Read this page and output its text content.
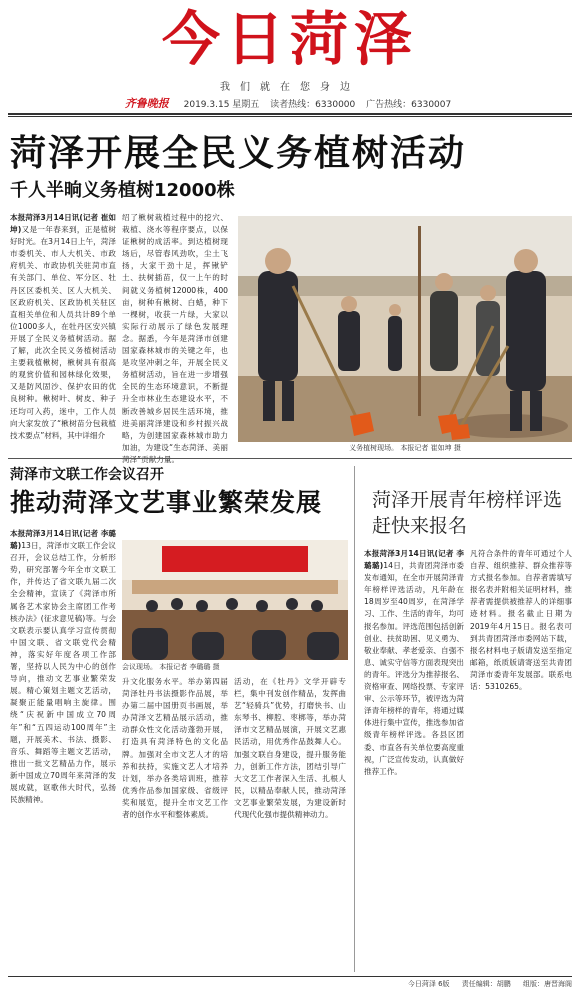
今日菏泽
我们就在您身边
齐鲁晚报 2019.3.15 星期五 读者热线：6330000 广告热线：6330007
菏泽开展全民义务植树活动
千人半晌义务植树12000株
本报菏泽3月14日讯(记者 崔如坤)又是一年春来到，正是植树好时光。在3月14日上午，菏泽市委机关、市人大机关、市政府机关、市政协机关驻菏市直有关部门、单位、军分区、牡丹区区委机关、区人大机关、区政府机关、区政协机关驻区直相关单位和人员共计89个单位1000多人，在牡丹区安兴镇开展了全民义务植树活动。据了解，此次全民义务植树活动主要栽植楸树，楸树具有很高的观赏价值和园林绿化效果，又是防风固沙、保护农田的优良树种。楸树叶、树皮、种子还均可入药，迷中，工作人员向大家发放了“楸树苗分包栽植技术要点”材料，其中详细介
绍了楸树栽植过程中的挖穴、栽植、浇水等程序要点，以保证楸树的成活率。到达植树现场后，尽管春风劲吹，尘土飞扬，大家干劲十足，挥锹铲土、扶树插苗，仅一上午的时间就义务植树12000株，400亩，树种有楸树、白蜡，种下一棵树，收获一片绿，大家以实际行动展示了绿色发展理念。据悉，今年是菏泽市创建国家森林城市的关键之年，也是攻坚冲刺之年，开展全民义务植树活动，旨在进一步增强全民的生态环境意识，不断提升全市林业生态建设水平，不断改善城乡居民生活环境，推进美丽菏泽建设和乡村振兴战略，为创建国家森林城市助力加油，为建设“生态菏泽、美丽菏泽”贡献力量。
义务植树现场。 本报记者 崔如坤 摄
菏泽市文联工作会议召开
推动菏泽文艺事业繁荣发展
本报菏泽3月14日讯(记者 李璐璐)13日，菏泽市文联工作会议召开，会议总结工作，分析形势，研究部署今年全市文联工作，并传达了省文联九届二次全会精神，宣读了《菏泽市所属各艺术家协会主席团工作考核办法》(征求意见稿)等。与会文联表示要认真学习宣传贯彻中国文联、省文联党代会精神，落实好年度各项工作部署，坚持以人民为中心的创作导向，推动文艺事业繁荣发展。精心策划主题文艺活动，凝聚正能量唱响主旋律。围绕“庆祝新中国成立70周年”和“五四运动100周年”主题，开展美术、书法、摄影、音乐、舞蹈等主题文艺活动，推出一批文艺精品力作，展示新中国成立70周年来菏泽的发展成就，讴歌伟大时代，弘扬民族精神。
会议现场。 本报记者 李璐璐 摄
升文化服务水平。举办第四届菏泽牡丹书法摄影作品展，举办第二届中国册页书画展，举办菏泽文艺精品展示活动，推动群众性文化活动蓬勃开展，打造具有菏泽特色的文化品牌。加强对全市文艺人才的培养和扶持，实施文艺人才培养计划，举办各类培训班，推荐优秀作品参加国家级、省级评奖和展览，提升全市文艺工作者的创作水平和整体素质。
活动，在《牡丹》文学开辟专栏，集中刊发创作精品，发挥曲艺“轻骑兵”优势，打磨快书、山东琴书、柳腔、枣梆等，举办菏泽市文艺精品展演，开展文艺惠民活动，用优秀作品鼓舞人心。加强文联自身建设，提升服务能力，创新工作方法，团结引导广大文艺工作者深入生活、扎根人民，以精品奉献人民，推动菏泽文艺事业繁荣发展，为建设新时代现代化强市提供精神动力。
菏泽开展青年榜样评选
赶快来报名
本报菏泽3月14日讯(记者 李璐璐)14日，共青团菏泽市委发布通知，在全市开展菏泽青年榜样评选活动，凡年龄在18周岁至40周岁，在菏泽学习、工作、生活的青年，均可报名参加。评选范围包括创新创业、扶贫助困、见义勇为、敬业奉献、孝老爱亲、自强不息、诚实守信等方面表现突出的青年。评选分为推荐报名、资格审查、网络投票、专家评审、公示等环节，被评选为菏泽青年榜样的青年，将通过媒体进行集中宣传，推选参加省级青年榜样评选。各县区团委、市直各有关单位要高度重视，广泛宣传发动，认真做好推荐工作。
凡符合条件的青年可通过个人自荐、组织推荐、群众推荐等方式报名参加。自荐者需填写报名表并附相关证明材料，推荐者需提供被推荐人的详细事迹材料。报名截止日期为2019年4月15日。报名表可到共青团菏泽市委网站下载，报名材料电子版请发送至指定邮箱，纸质版请寄送至共青团菏泽市委青年发展部。联系电话：5310265。
今日菏泽 6版 责任编辑：胡鹏 组版：唐晋海阁
